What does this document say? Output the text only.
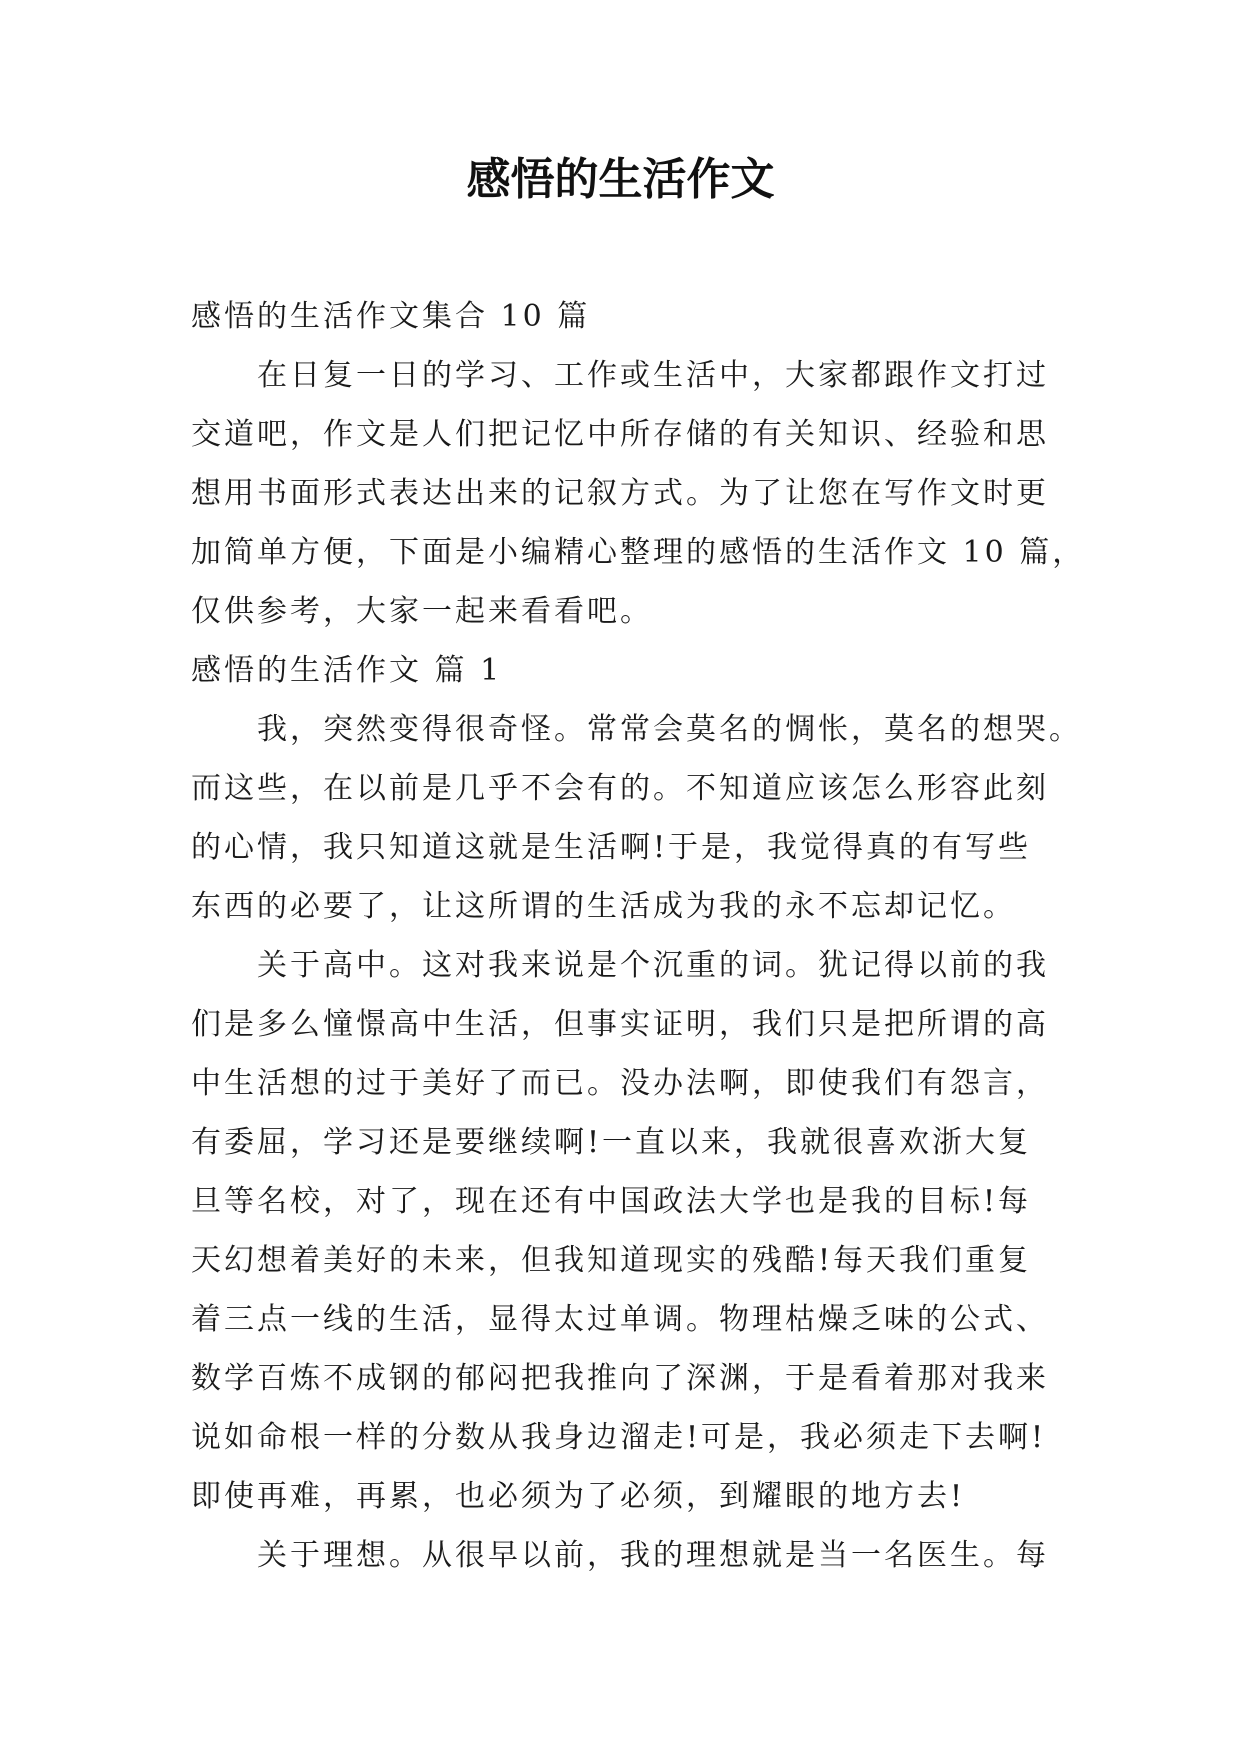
感悟的生活作文

感悟的生活作文集合 10 篇

在日复一日的学习、工作或生活中，大家都跟作文打过

交道吧，作文是人们把记忆中所存储的有关知识、经验和思

想用书面形式表达出来的记叙方式。为了让您在写作文时更

加简单方便，下面是小编精心整理的感悟的生活作文 10 篇，

仅供参考，大家一起来看看吧。

感悟的生活作文 篇 1

我，突然变得很奇怪。常常会莫名的惆怅，莫名的想哭。

而这些，在以前是几乎不会有的。不知道应该怎么形容此刻

的心情，我只知道这就是生活啊!于是，我觉得真的有写些

东西的必要了，让这所谓的生活成为我的永不忘却记忆。

关于高中。这对我来说是个沉重的词。犹记得以前的我

们是多么憧憬高中生活，但事实证明，我们只是把所谓的高

中生活想的过于美好了而已。没办法啊，即使我们有怨言，

有委屈，学习还是要继续啊!一直以来，我就很喜欢浙大复

旦等名校，对了，现在还有中国政法大学也是我的目标!每

天幻想着美好的未来，但我知道现实的残酷!每天我们重复

着三点一线的生活，显得太过单调。物理枯燥乏味的公式、

数学百炼不成钢的郁闷把我推向了深渊，于是看着那对我来

说如命根一样的分数从我身边溜走!可是，我必须走下去啊!

即使再难，再累，也必须为了必须，到耀眼的地方去!

关于理想。从很早以前，我的理想就是当一名医生。每
